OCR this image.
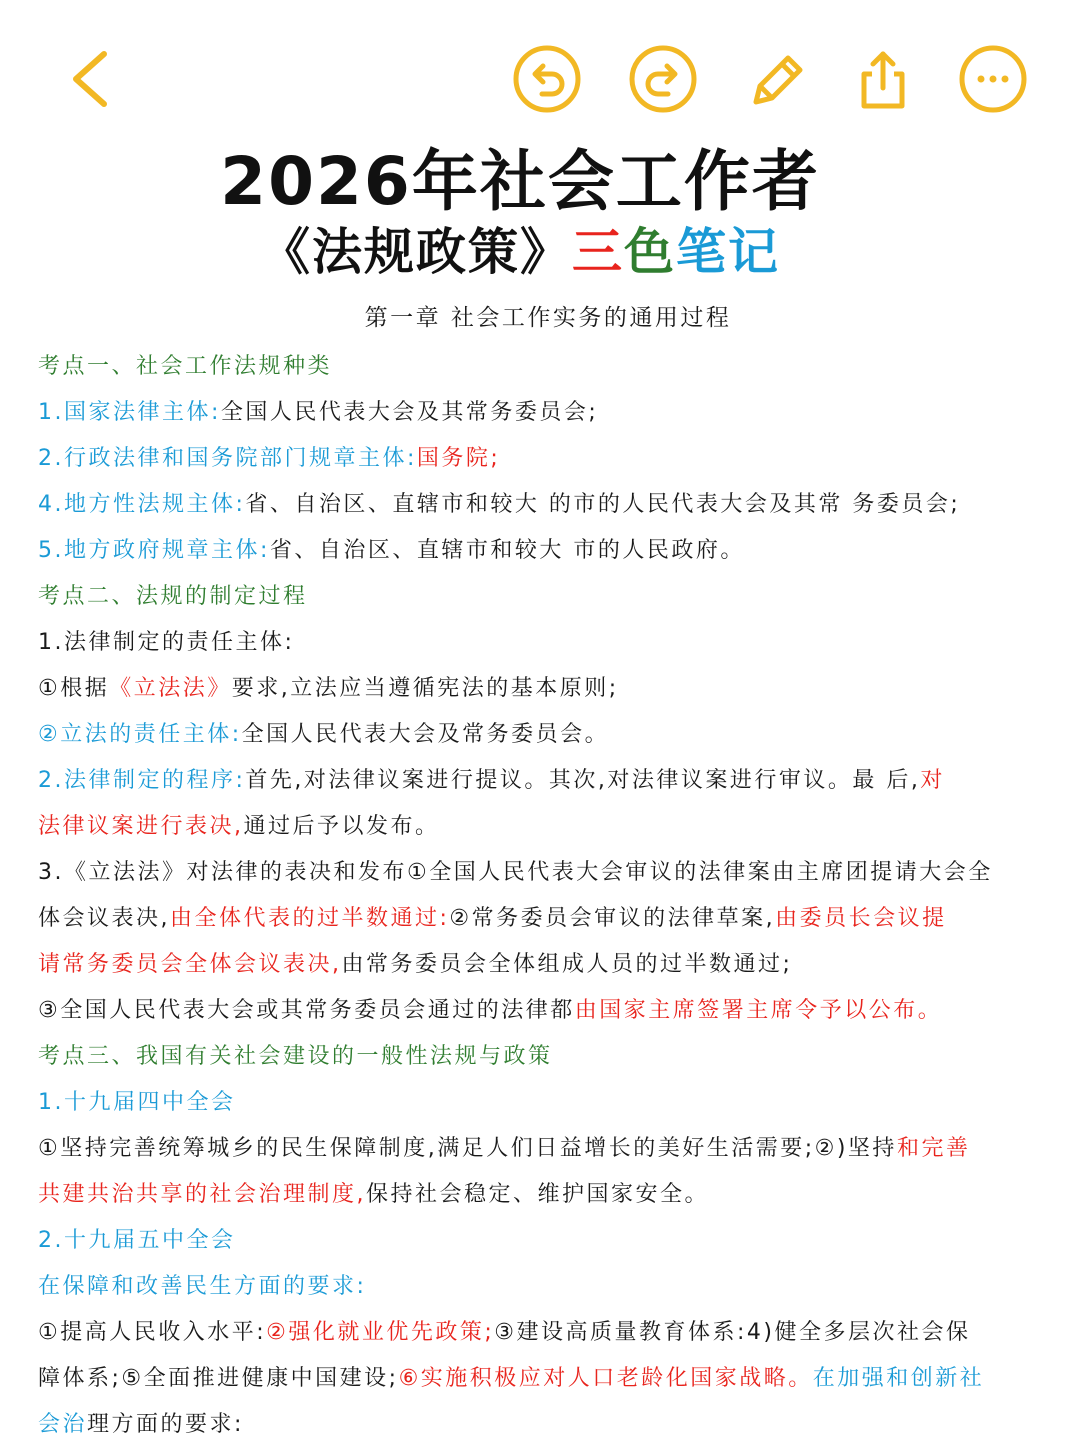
2026年社会工作者
《法规政策》三色笔记
第一章 社会工作实务的通用过程
考点一、社会工作法规种类
1.国家法律主体:全国人民代表大会及其常务委员会;
2.行政法律和国务院部门规章主体:国务院;
4.地方性法规主体:省、自治区、直辖市和较大 的市的人民代表大会及其常 务委员会;
5.地方政府规章主体:省、自治区、直辖市和较大 市的人民政府。
考点二、法规的制定过程
1.法律制定的责任主体:
①根据《立法法》要求,立法应当遵循宪法的基本原则;
②立法的责任主体:全国人民代表大会及常务委员会。
2.法律制定的程序:首先,对法律议案进行提议。其次,对法律议案进行审议。最 后,对
法律议案进行表决,通过后予以发布。
3.《立法法》对法律的表决和发布①全国人民代表大会审议的法律案由主席团提请大会全
体会议表决,由全体代表的过半数通过:②常务委员会审议的法律草案,由委员长会议提
请常务委员会全体会议表决,由常务委员会全体组成人员的过半数通过;
③全国人民代表大会或其常务委员会通过的法律都由国家主席签署主席令予以公布。
考点三、我国有关社会建设的一般性法规与政策
1.十九届四中全会
①坚持完善统筹城乡的民生保障制度,满足人们日益增长的美好生活需要;②)坚持和完善
共建共治共享的社会治理制度,保持社会稳定、维护国家安全。
2.十九届五中全会
在保障和改善民生方面的要求:
①提高人民收入水平:②强化就业优先政策;③建设高质量教育体系:4)健全多层次社会保
障体系;⑤全面推进健康中国建设;⑥实施积极应对人口老龄化国家战略。在加强和创新社
会治理方面的要求:
